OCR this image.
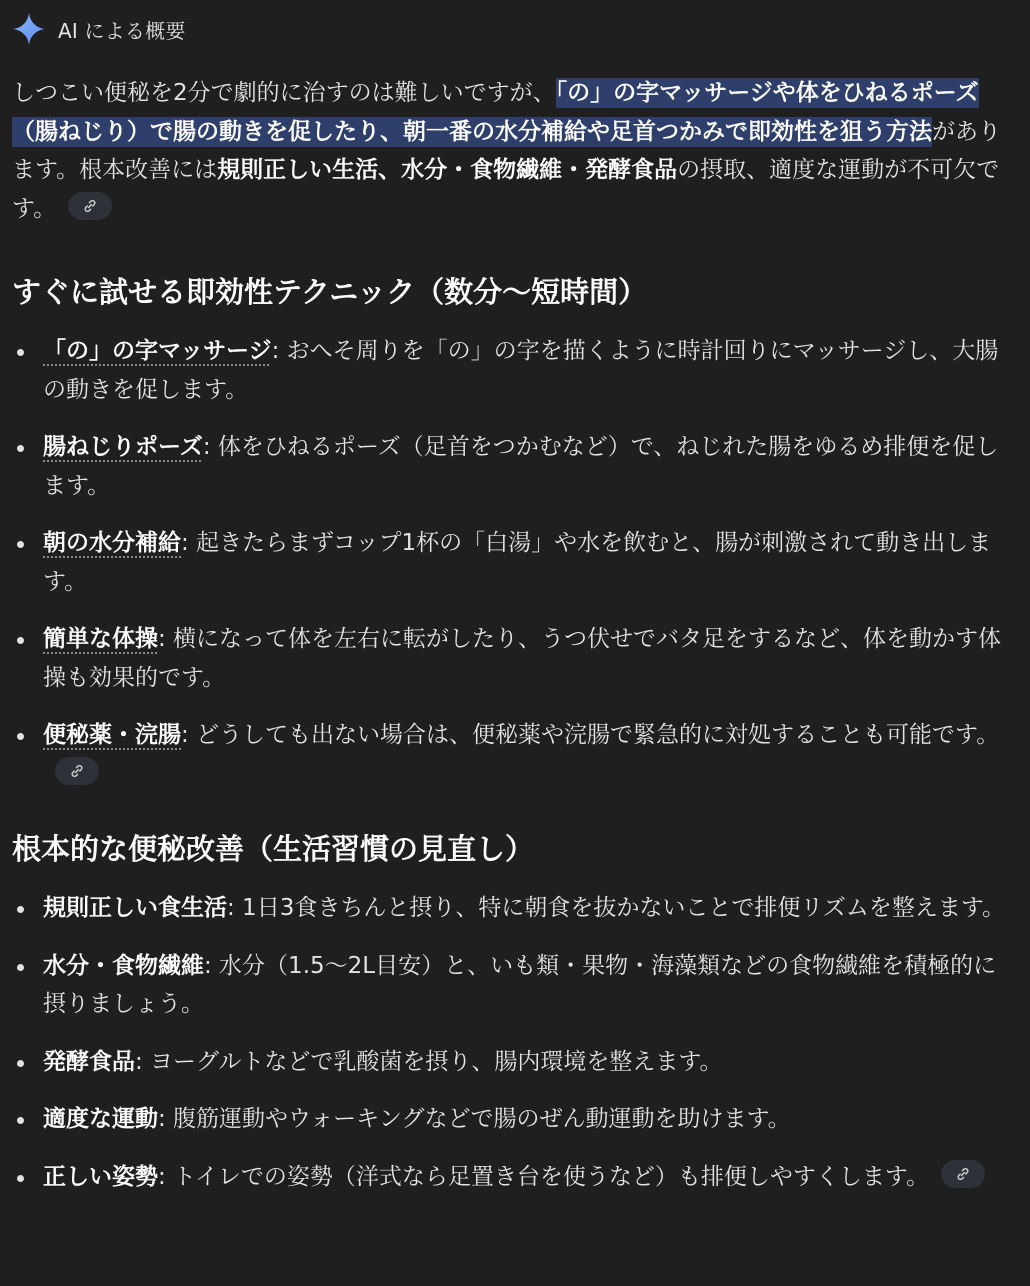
AI による概要
しつこい便秘を2分で劇的に治すのは難しいですが、「の」の字マッサージや体をひねるポーズ（腸ねじり）で腸の動きを促したり、朝一番の水分補給や足首つかみで即効性を狙う方法があります。根本改善には規則正しい生活、水分・食物繊維・発酵食品の摂取、適度な運動が不可欠です。
すぐに試せる即効性テクニック（数分〜短時間）
「の」の字マッサージ: おへそ周りを「の」の字を描くように時計回りにマッサージし、大腸の動きを促します。
腸ねじりポーズ: 体をひねるポーズ（足首をつかむなど）で、ねじれた腸をゆるめ排便を促します。
朝の水分補給: 起きたらまずコップ1杯の「白湯」や水を飲むと、腸が刺激されて動き出します。
簡単な体操: 横になって体を左右に転がしたり、うつ伏せでバタ足をするなど、体を動かす体操も効果的です。
便秘薬・浣腸: どうしても出ない場合は、便秘薬や浣腸で緊急的に対処することも可能です。
根本的な便秘改善（生活習慣の見直し）
規則正しい食生活: 1日3食きちんと摂り、特に朝食を抜かないことで排便リズムを整えます。
水分・食物繊維: 水分（1.5〜2L目安）と、いも類・果物・海藻類などの食物繊維を積極的に摂りましょう。
発酵食品: ヨーグルトなどで乳酸菌を摂り、腸内環境を整えます。
適度な運動: 腹筋運動やウォーキングなどで腸のぜん動運動を助けます。
正しい姿勢: トイレでの姿勢（洋式なら足置き台を使うなど）も排便しやすくします。
